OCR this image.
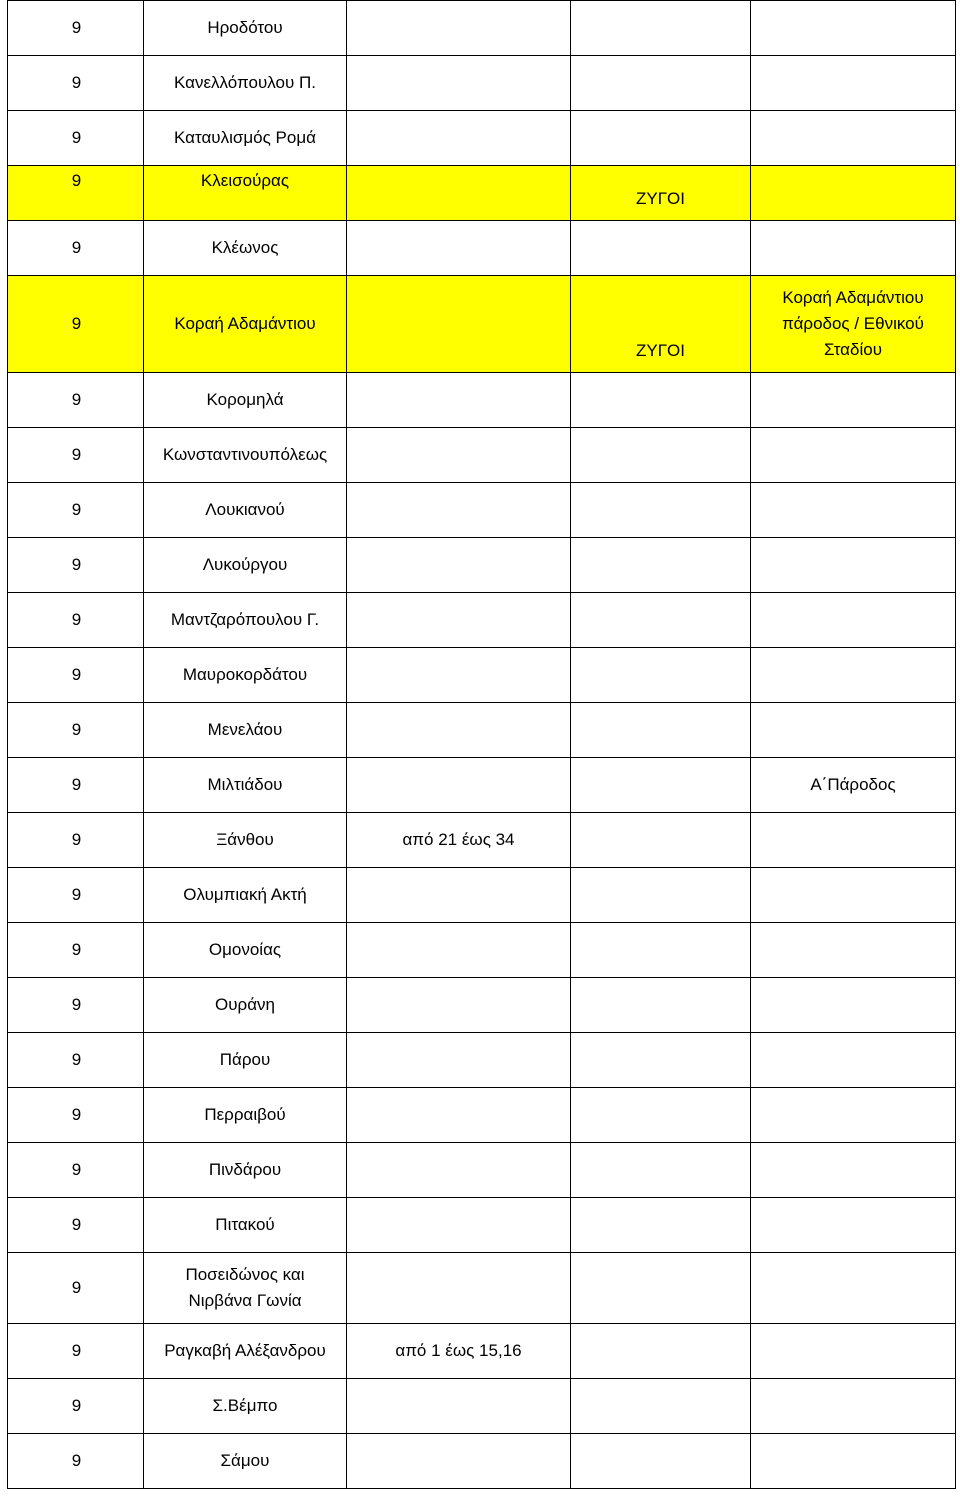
9	Ηροδότου			
9	Κανελλόπουλου Π.			
9	Καταυλισμός Ρομά			
9	Κλεισούρας		ΖΥΓΟΙ	
9	Κλέωνος			
9	Κοραή Αδαμάντιου		ΖΥΓΟΙ	Κοραή Αδαμάντιου
πάροδος / Εθνικού
Σταδίου

9	Κορομηλά			
9	Κωνσταντινουπόλεως			
9	Λουκιανού			
9	Λυκούργου			
9	Μαντζαρόπουλου Γ.			
9	Μαυροκορδάτου			
9	Μενελάου			
9	Μιλτιάδου			Α΄Πάροδος
9	Ξάνθου	από 21 έως 34		
9	Ολυμπιακή Ακτή			
9	Ομονοίας			
9	Ουράνη			
9	Πάρου			
9	Περραιβού			
9	Πινδάρου			
9	Πιτακού			
9	Ποσειδώνος και
Νιρβάνα Γωνία			

9	Ραγκαβή Αλέξανδρου	από 1 έως 15,16		
9	Σ.Βέμπο			
9	Σάμου			
